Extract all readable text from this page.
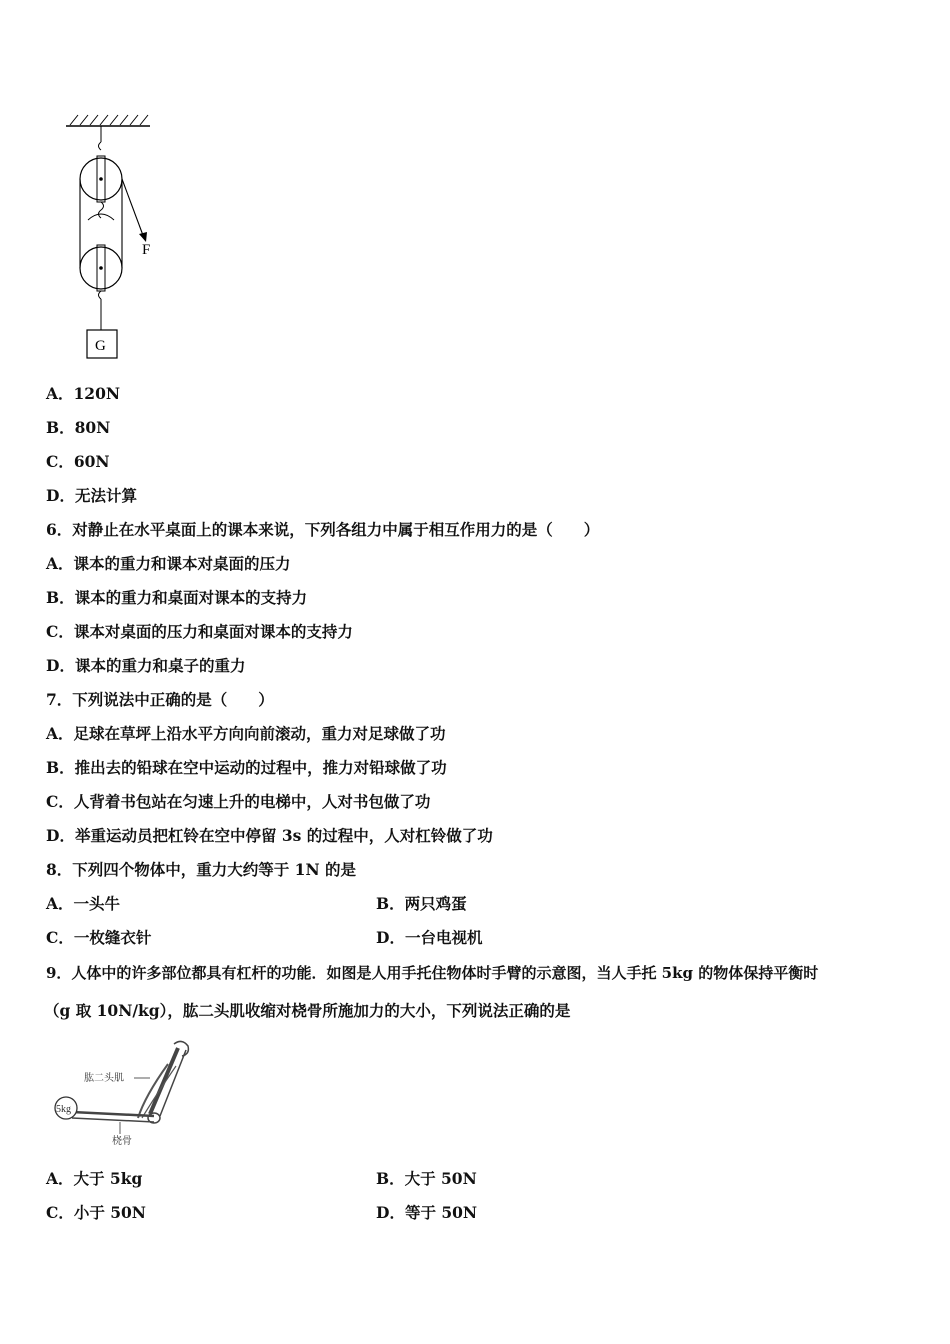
F
G
A．120N
B．80N
C．60N
D．无法计算
6．对静止在水平桌面上的课本来说，下列各组力中属于相互作用力的是（　　）
A．课本的重力和课本对桌面的压力
B．课本的重力和桌面对课本的支持力
C．课本对桌面的压力和桌面对课本的支持力
D．课本的重力和桌子的重力
7．下列说法中正确的是（　　）
A．足球在草坪上沿水平方向向前滚动，重力对足球做了功
B．推出去的铅球在空中运动的过程中，推力对铅球做了功
C．人背着书包站在匀速上升的电梯中，人对书包做了功
D．举重运动员把杠铃在空中停留 3s 的过程中，人对杠铃做了功
8．下列四个物体中，重力大约等于 1N 的是
A．一头牛	B．两只鸡蛋
C．一枚缝衣针	D．一台电视机
9．人体中的许多部位都具有杠杆的功能．如图是人用手托住物体时手臂的示意图，当人手托 5kg 的物体保持平衡时
（g 取 10N/kg），肱二头肌收缩对桡骨所施加力的大小，下列说法正确的是
5kg
肱二头肌
桡骨
A．大于 5kg	B．大于 50N
C．小于 50N	D．等于 50N
